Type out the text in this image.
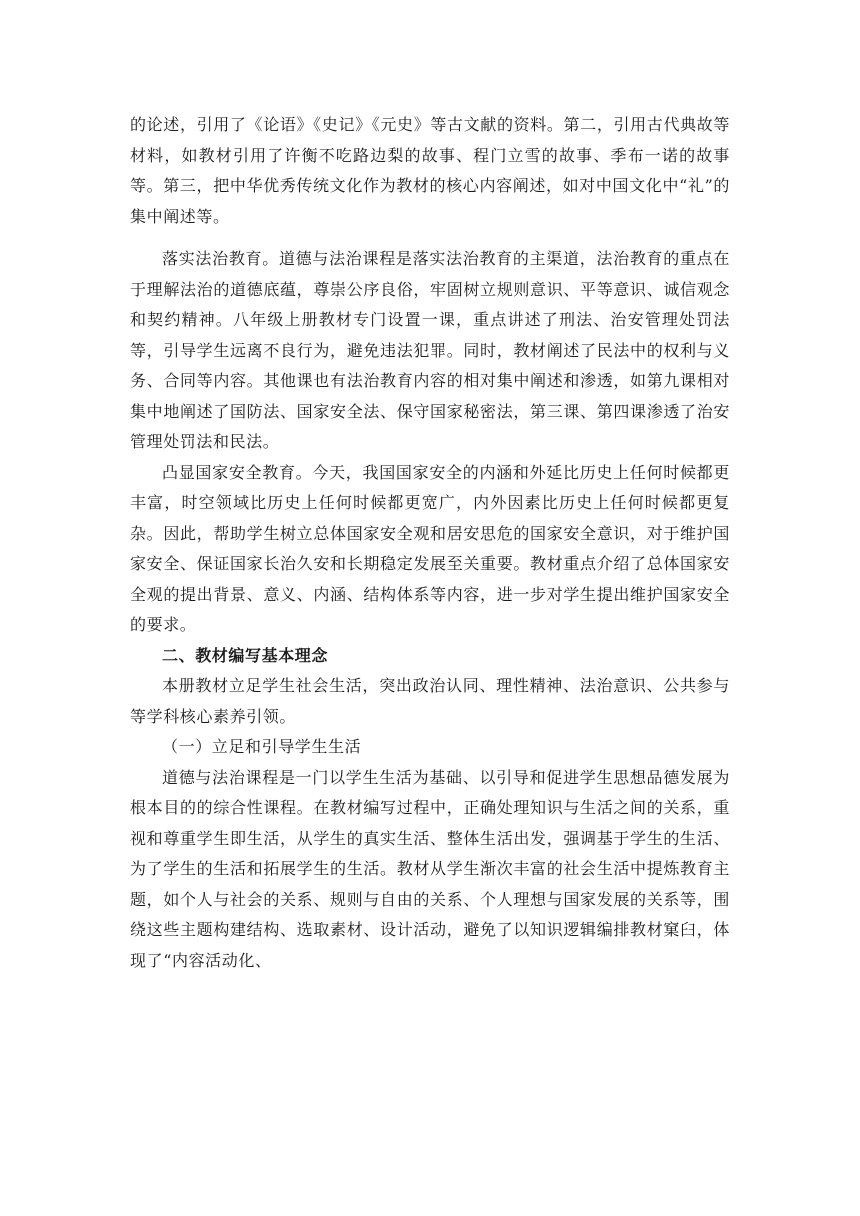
的论述，引用了《论语》《史记》《元史》等古文献的资料。第二，引用古代典故等材料，如教材引用了许衡不吃路边梨的故事、程门立雪的故事、季布一诺的故事等。第三，把中华优秀传统文化作为教材的核心内容阐述，如对中国文化中“礼”的集中阐述等。

落实法治教育。道德与法治课程是落实法治教育的主渠道，法治教育的重点在于理解法治的道德底蕴，尊崇公序良俗，牢固树立规则意识、平等意识、诚信观念和契约精神。八年级上册教材专门设置一课，重点讲述了刑法、治安管理处罚法等，引导学生远离不良行为，避免违法犯罪。同时，教材阐述了民法中的权利与义务、合同等内容。其他课也有法治教育内容的相对集中阐述和渗透，如第九课相对集中地阐述了国防法、国家安全法、保守国家秘密法，第三课、第四课渗透了治安管理处罚法和民法。

凸显国家安全教育。今天，我国国家安全的内涵和外延比历史上任何时候都更丰富，时空领域比历史上任何时候都更宽广，内外因素比历史上任何时候都更复杂。因此，帮助学生树立总体国家安全观和居安思危的国家安全意识，对于维护国家安全、保证国家长治久安和长期稳定发展至关重要。教材重点介绍了总体国家安全观的提出背景、意义、内涵、结构体系等内容，进一步对学生提出维护国家安全的要求。

二、教材编写基本理念

本册教材立足学生社会生活，突出政治认同、理性精神、法治意识、公共参与等学科核心素养引领。

（一）立足和引导学生生活

道德与法治课程是一门以学生生活为基础、以引导和促进学生思想品德发展为根本目的的综合性课程。在教材编写过程中，正确处理知识与生活之间的关系，重视和尊重学生即生活，从学生的真实生活、整体生活出发，强调基于学生的生活、为了学生的生活和拓展学生的生活。教材从学生渐次丰富的社会生活中提炼教育主题，如个人与社会的关系、规则与自由的关系、个人理想与国家发展的关系等，围绕这些主题构建结构、选取素材、设计活动，避免了以知识逻辑编排教材窠臼，体现了“内容活动化、
